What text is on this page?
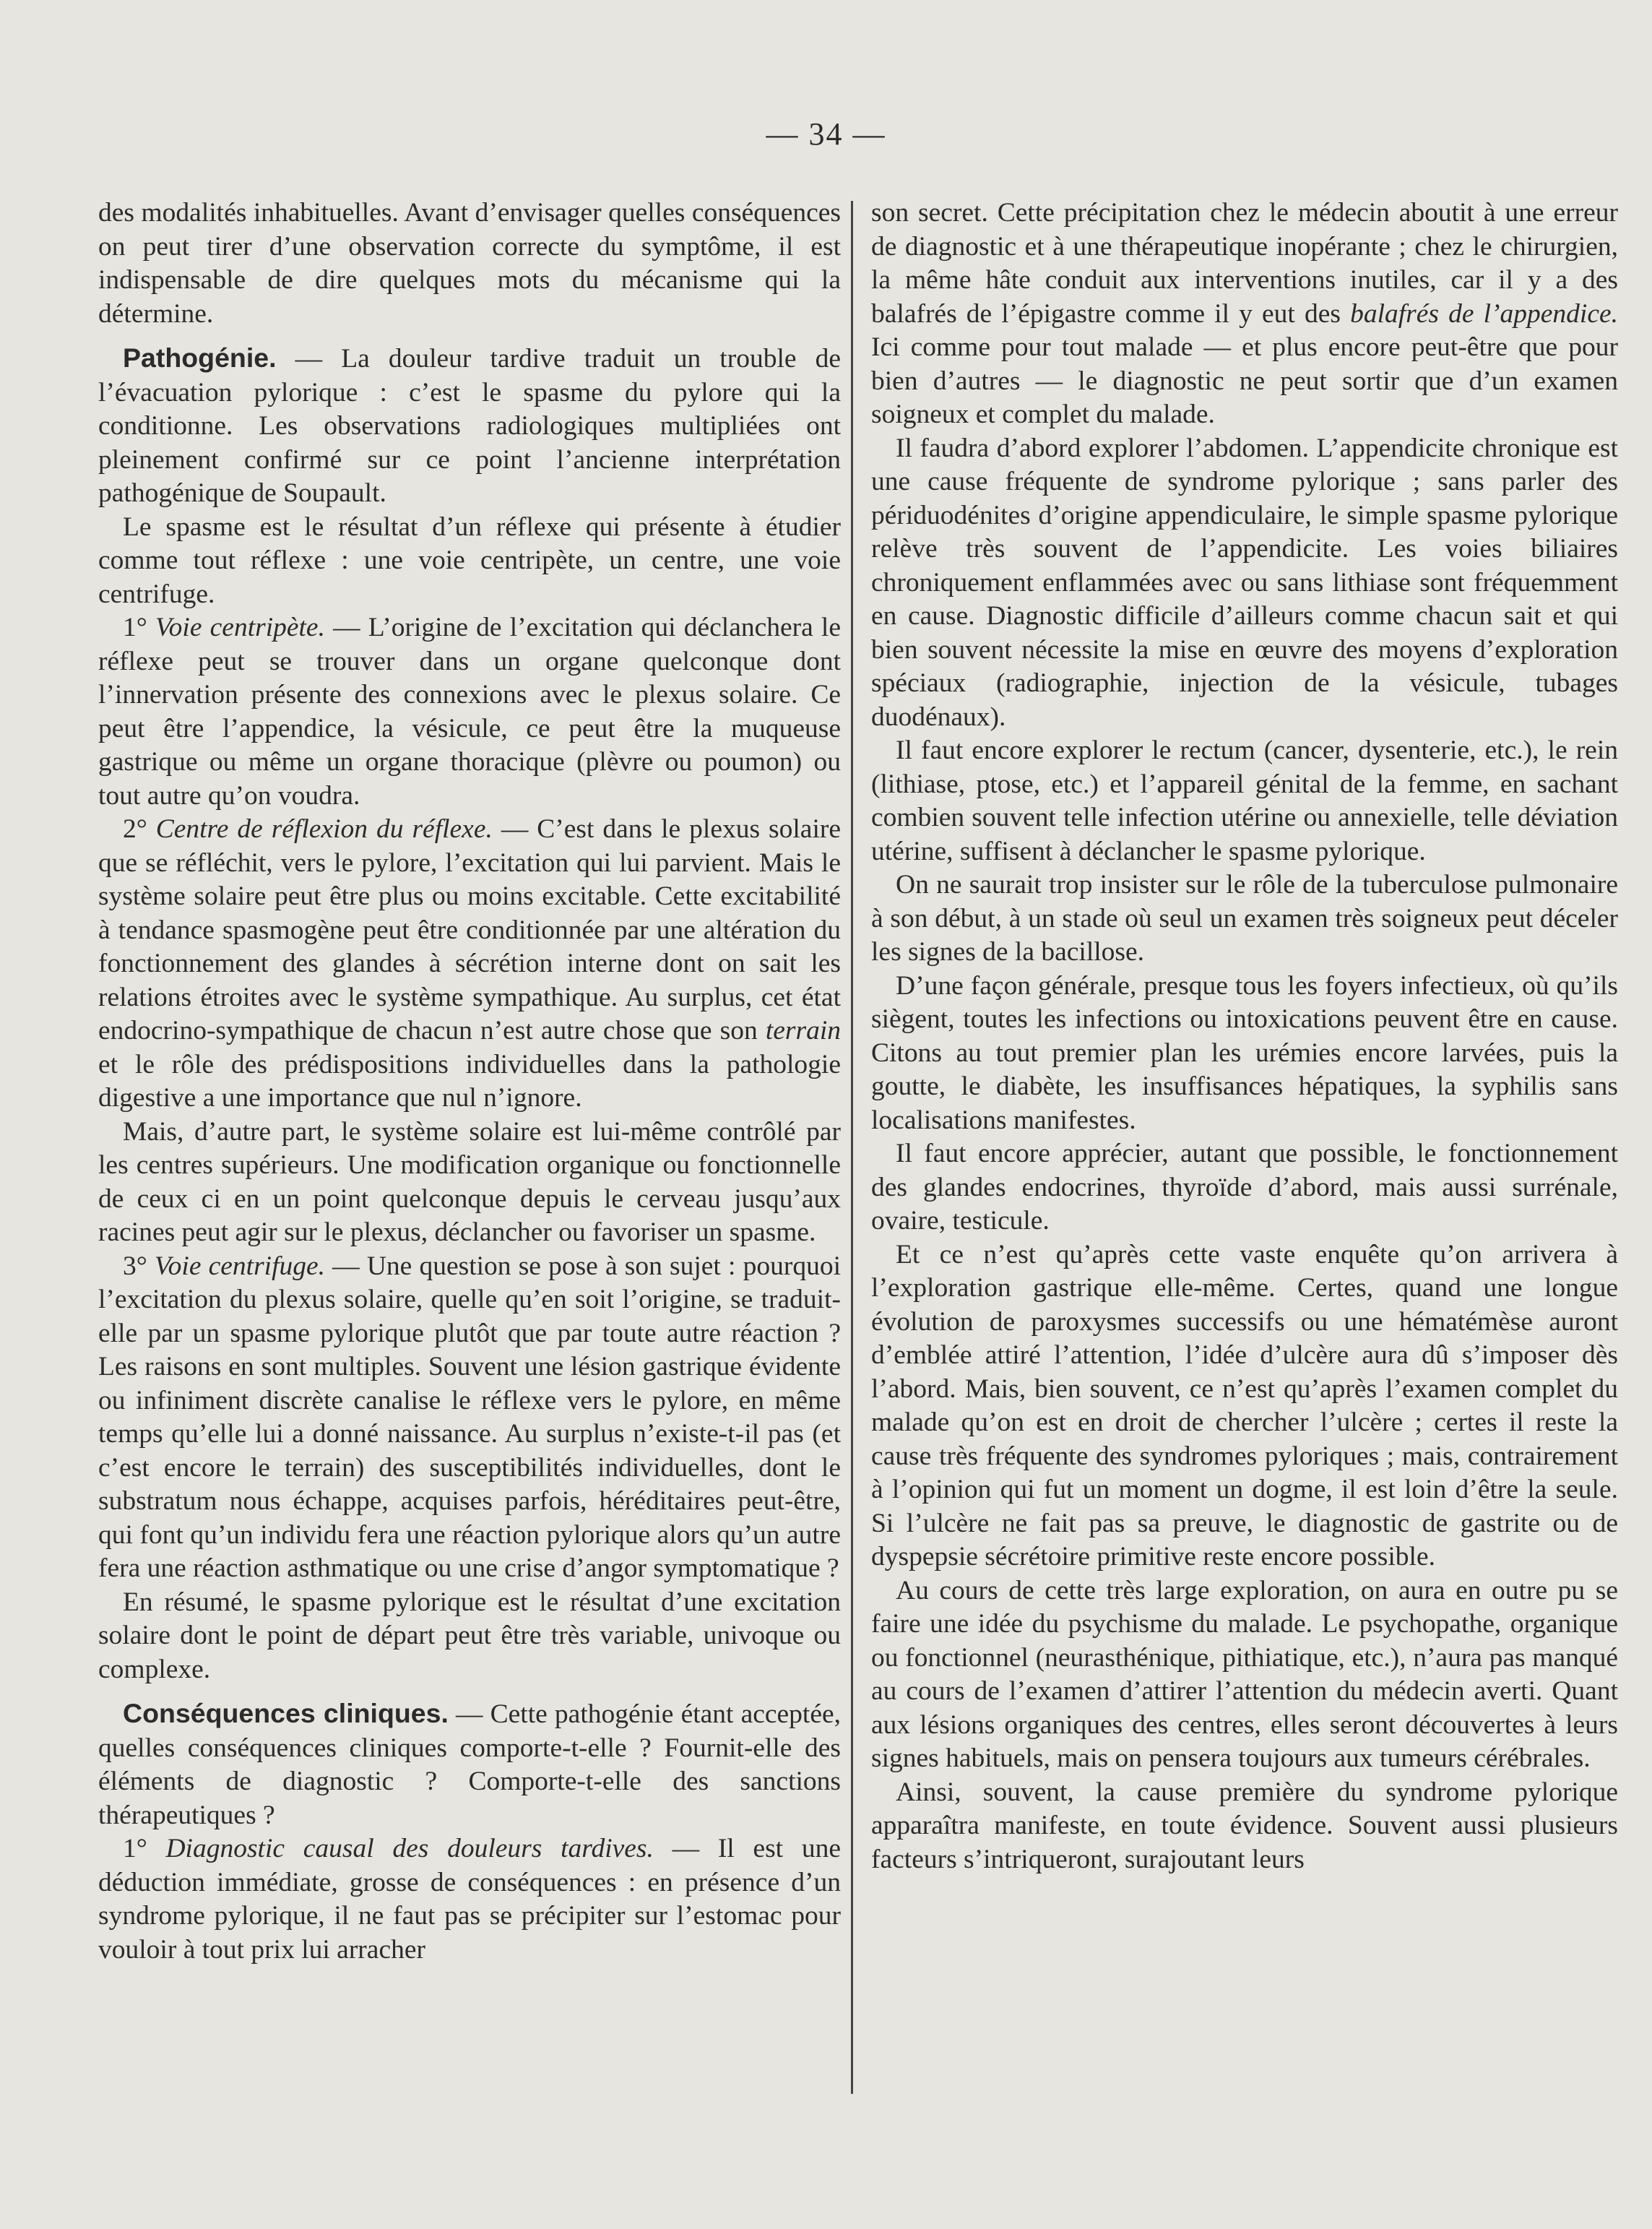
— 34 —

des modalités inhabituelles. Avant d’envisager quelles conséquences on peut tirer d’une observation correcte du symptôme, il est indispensable de dire quelques mots du mécanisme qui la détermine.

Pathogénie. — La douleur tardive traduit un trouble de l’évacuation pylorique : c’est le spasme du pylore qui la conditionne. Les observations radiologiques multipliées ont pleinement confirmé sur ce point l’ancienne interprétation pathogénique de Soupault.

Le spasme est le résultat d’un réflexe qui présente à étudier comme tout réflexe : une voie centripète, un centre, une voie centrifuge.

1° Voie centripète. — L’origine de l’excitation qui déclanchera le réflexe peut se trouver dans un organe quelconque dont l’innervation présente des connexions avec le plexus solaire. Ce peut être l’appendice, la vésicule, ce peut être la muqueuse gastrique ou même un organe thoracique (plèvre ou poumon) ou tout autre qu’on voudra.

2° Centre de réflexion du réflexe. — C’est dans le plexus solaire que se réfléchit, vers le pylore, l’excitation qui lui parvient. Mais le système solaire peut être plus ou moins excitable. Cette excitabilité à tendance spasmogène peut être conditionnée par une altération du fonctionnement des glandes à sécrétion interne dont on sait les relations étroites avec le système sympathique. Au surplus, cet état endocrino-sympathique de chacun n’est autre chose que son terrain et le rôle des prédispositions individuelles dans la pathologie digestive a une importance que nul n’ignore.

Mais, d’autre part, le système solaire est lui-même contrôlé par les centres supérieurs. Une modification organique ou fonctionnelle de ceux ci en un point quelconque depuis le cerveau jusqu’aux racines peut agir sur le plexus, déclancher ou favoriser un spasme.

3° Voie centrifuge. — Une question se pose à son sujet : pourquoi l’excitation du plexus solaire, quelle qu’en soit l’origine, se traduit-elle par un spasme pylorique plutôt que par toute autre réaction ? Les raisons en sont multiples. Souvent une lésion gastrique évidente ou infiniment discrète canalise le réflexe vers le pylore, en même temps qu’elle lui a donné naissance. Au surplus n’existe-t-il pas (et c’est encore le terrain) des susceptibilités individuelles, dont le substratum nous échappe, acquises parfois, héréditaires peut-être, qui font qu’un individu fera une réaction pylorique alors qu’un autre fera une réaction asthmatique ou une crise d’angor symptomatique ?

En résumé, le spasme pylorique est le résultat d’une excitation solaire dont le point de départ peut être très variable, univoque ou complexe.

Conséquences cliniques. — Cette pathogénie étant acceptée, quelles conséquences cliniques comporte-t-elle ? Fournit-elle des éléments de diagnostic ? Comporte-t-elle des sanctions thérapeutiques ?

1° Diagnostic causal des douleurs tardives. — Il est une déduction immédiate, grosse de conséquences : en présence d’un syndrome pylorique, il ne faut pas se précipiter sur l’estomac pour vouloir à tout prix lui arracher

son secret. Cette précipitation chez le médecin aboutit à une erreur de diagnostic et à une thérapeutique inopérante ; chez le chirurgien, la même hâte conduit aux interventions inutiles, car il y a des balafrés de l’épigastre comme il y eut des balafrés de l’appendice. Ici comme pour tout malade — et plus encore peut-être que pour bien d’autres — le diagnostic ne peut sortir que d’un examen soigneux et complet du malade.

Il faudra d’abord explorer l’abdomen. L’appendicite chronique est une cause fréquente de syndrome pylorique ; sans parler des périduodénites d’origine appendiculaire, le simple spasme pylorique relève très souvent de l’appendicite. Les voies biliaires chroniquement enflammées avec ou sans lithiase sont fréquemment en cause. Diagnostic difficile d’ailleurs comme chacun sait et qui bien souvent nécessite la mise en œuvre des moyens d’exploration spéciaux (radiographie, injection de la vésicule, tubages duodénaux).

Il faut encore explorer le rectum (cancer, dysenterie, etc.), le rein (lithiase, ptose, etc.) et l’appareil génital de la femme, en sachant combien souvent telle infection utérine ou annexielle, telle déviation utérine, suffisent à déclancher le spasme pylorique.

On ne saurait trop insister sur le rôle de la tuberculose pulmonaire à son début, à un stade où seul un examen très soigneux peut déceler les signes de la bacillose.

D’une façon générale, presque tous les foyers infectieux, où qu’ils siègent, toutes les infections ou intoxications peuvent être en cause. Citons au tout premier plan les urémies encore larvées, puis la goutte, le diabète, les insuffisances hépatiques, la syphilis sans localisations manifestes.

Il faut encore apprécier, autant que possible, le fonctionnement des glandes endocrines, thyroïde d’abord, mais aussi surrénale, ovaire, testicule.

Et ce n’est qu’après cette vaste enquête qu’on arrivera à l’exploration gastrique elle-même. Certes, quand une longue évolution de paroxysmes successifs ou une hématémèse auront d’emblée attiré l’attention, l’idée d’ulcère aura dû s’imposer dès l’abord. Mais, bien souvent, ce n’est qu’après l’examen complet du malade qu’on est en droit de chercher l’ulcère ; certes il reste la cause très fréquente des syndromes pyloriques ; mais, contrairement à l’opinion qui fut un moment un dogme, il est loin d’être la seule. Si l’ulcère ne fait pas sa preuve, le diagnostic de gastrite ou de dyspepsie sécrétoire primitive reste encore possible.

Au cours de cette très large exploration, on aura en outre pu se faire une idée du psychisme du malade. Le psychopathe, organique ou fonctionnel (neurasthénique, pithiatique, etc.), n’aura pas manqué au cours de l’examen d’attirer l’attention du médecin averti. Quant aux lésions organiques des centres, elles seront découvertes à leurs signes habituels, mais on pensera toujours aux tumeurs cérébrales.

Ainsi, souvent, la cause première du syndrome pylorique apparaîtra manifeste, en toute évidence. Souvent aussi plusieurs facteurs s’intriqueront, surajoutant leurs
